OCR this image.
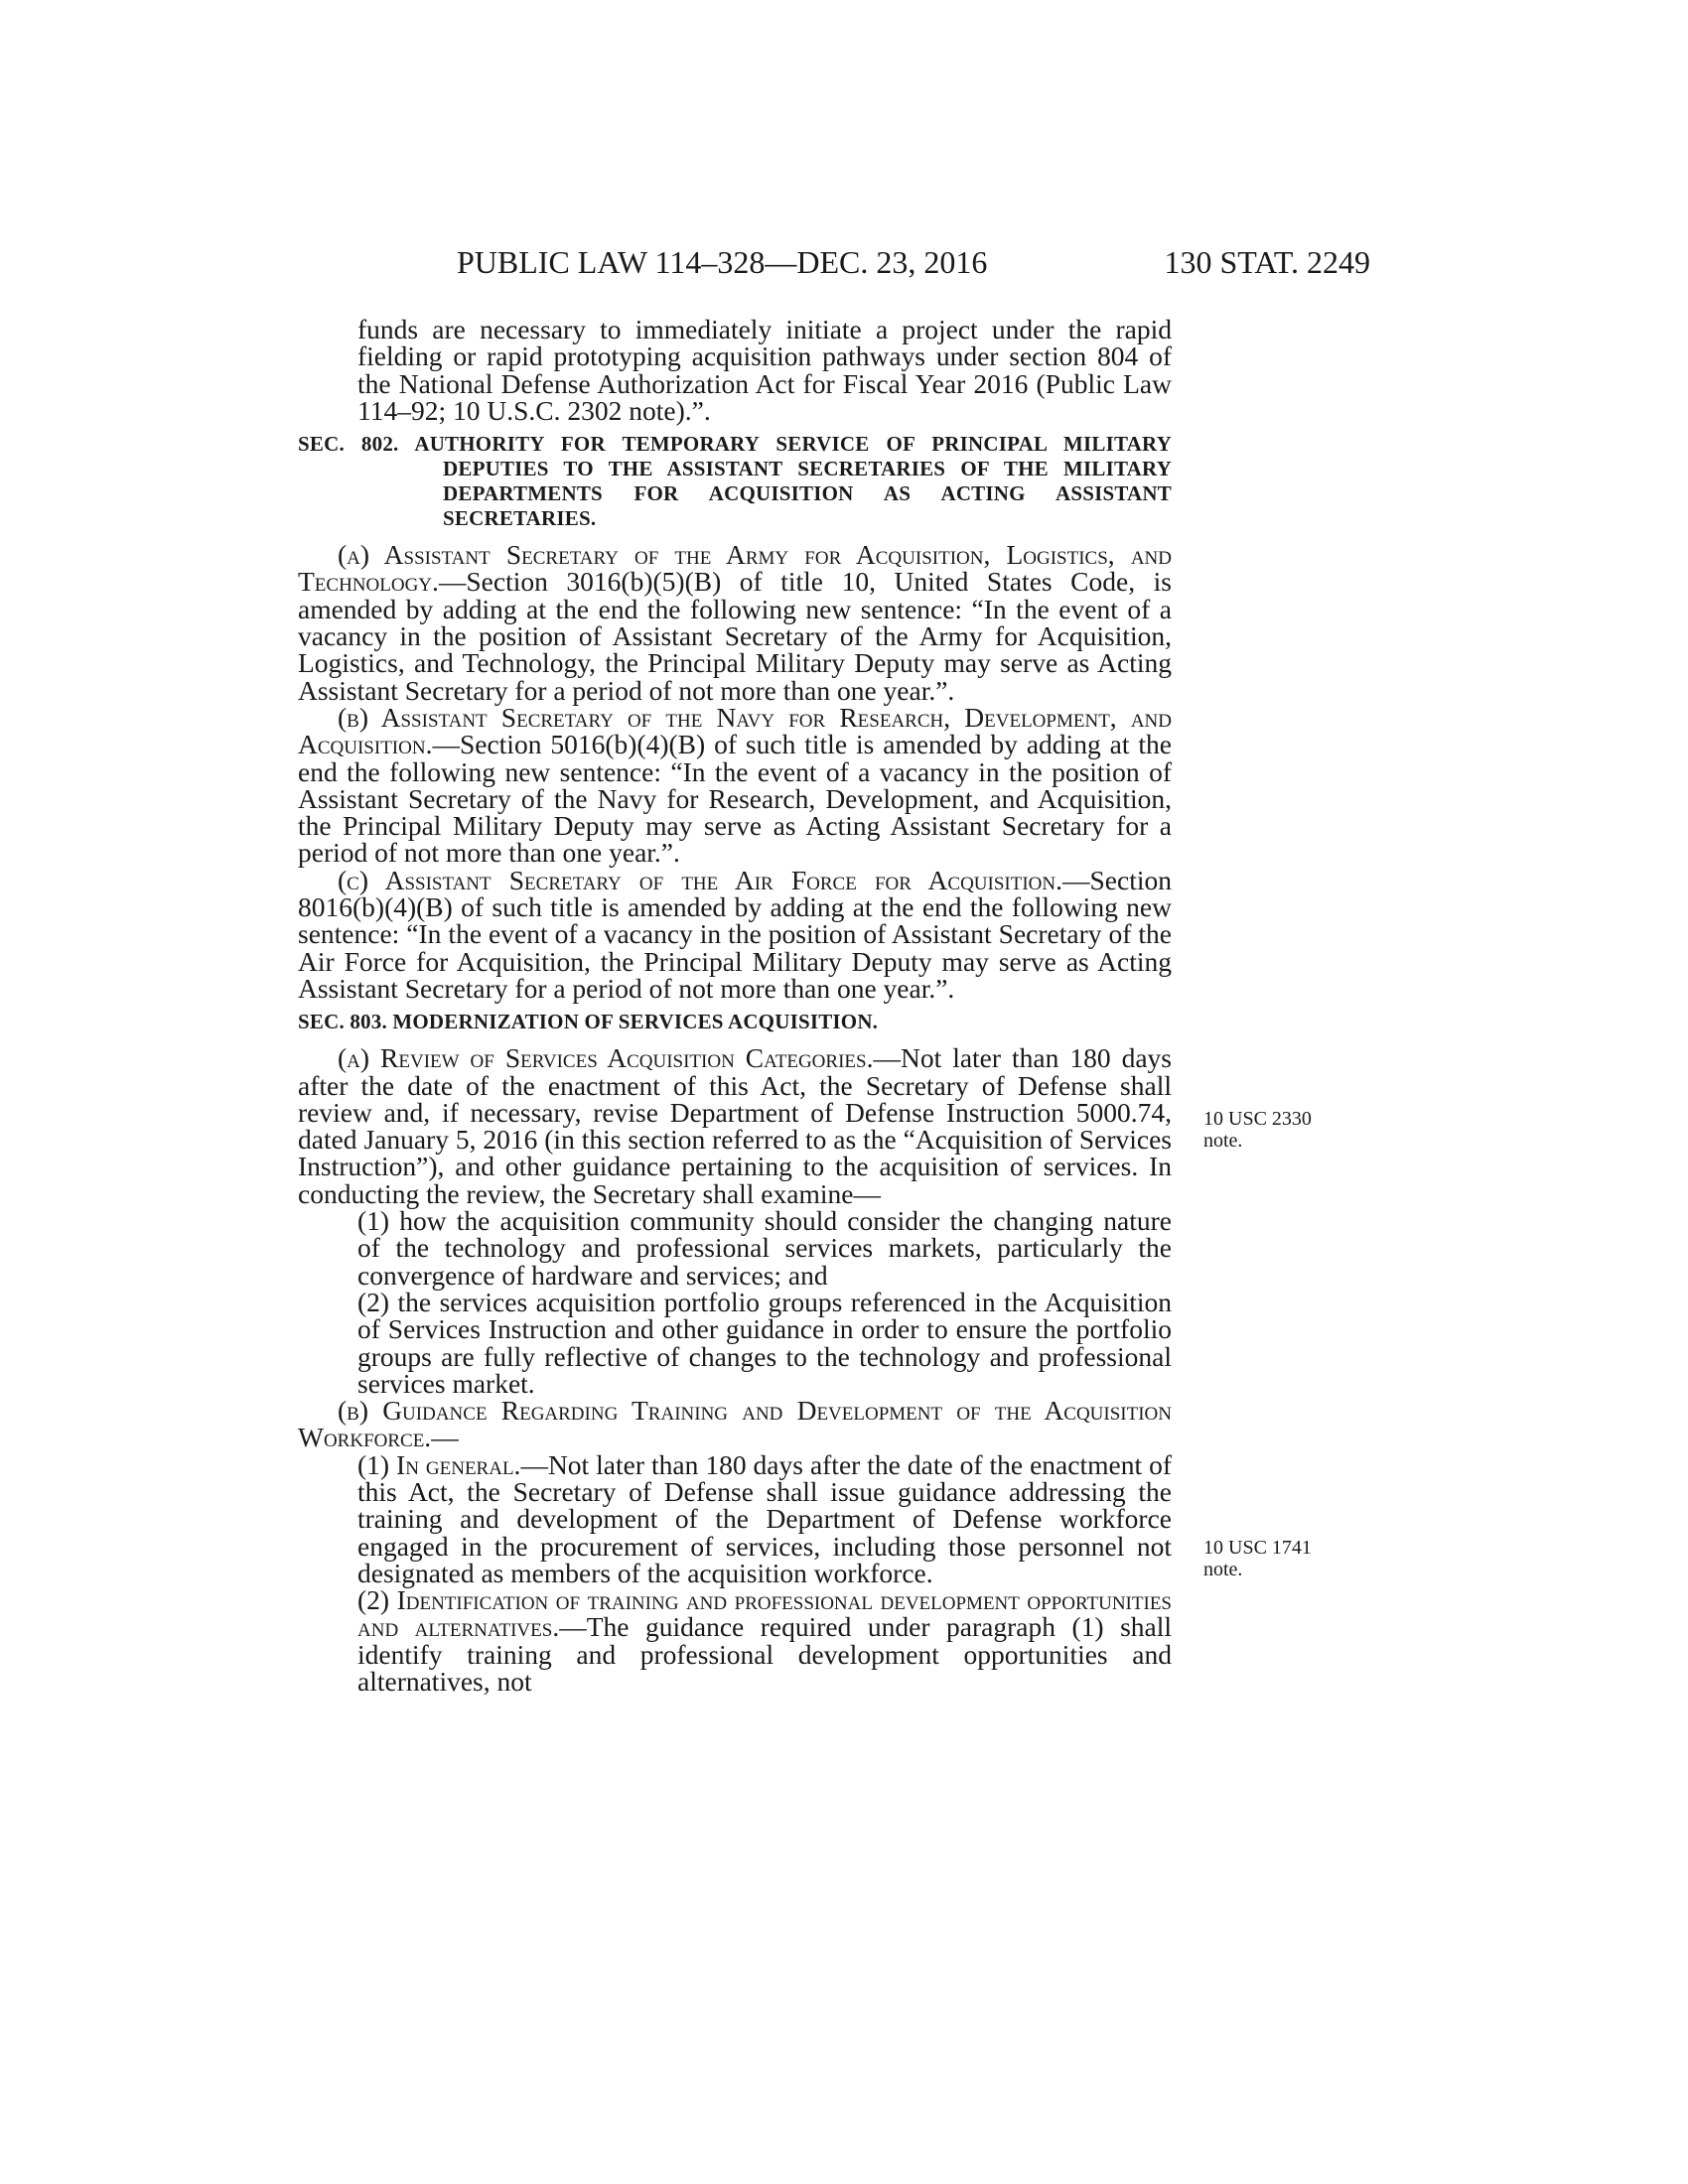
PUBLIC LAW 114–328—DEC. 23, 2016	130 STAT. 2249

funds are necessary to immediately initiate a project under the rapid fielding or rapid prototyping acquisition pathways under section 804 of the National Defense Authorization Act for Fiscal Year 2016 (Public Law 114–92; 10 U.S.C. 2302 note).”.

SEC. 802. AUTHORITY FOR TEMPORARY SERVICE OF PRINCIPAL MILITARY DEPUTIES TO THE ASSISTANT SECRETARIES OF THE MILITARY DEPARTMENTS FOR ACQUISITION AS ACTING ASSISTANT SECRETARIES.

(a) Assistant Secretary of the Army for Acquisition, Logistics, and Technology.—Section 3016(b)(5)(B) of title 10, United States Code, is amended by adding at the end the following new sentence: “In the event of a vacancy in the position of Assistant Secretary of the Army for Acquisition, Logistics, and Technology, the Principal Military Deputy may serve as Acting Assistant Secretary for a period of not more than one year.”.

(b) Assistant Secretary of the Navy for Research, Development, and Acquisition.—Section 5016(b)(4)(B) of such title is amended by adding at the end the following new sentence: “In the event of a vacancy in the position of Assistant Secretary of the Navy for Research, Development, and Acquisition, the Principal Military Deputy may serve as Acting Assistant Secretary for a period of not more than one year.”.

(c) Assistant Secretary of the Air Force for Acquisition.—Section 8016(b)(4)(B) of such title is amended by adding at the end the following new sentence: “In the event of a vacancy in the position of Assistant Secretary of the Air Force for Acquisition, the Principal Military Deputy may serve as Acting Assistant Secretary for a period of not more than one year.”.

SEC. 803. MODERNIZATION OF SERVICES ACQUISITION.

(a) Review of Services Acquisition Categories.—Not later than 180 days after the date of the enactment of this Act, the Secretary of Defense shall review and, if necessary, revise Department of Defense Instruction 5000.74, dated January 5, 2016 (in this section referred to as the “Acquisition of Services Instruction”), and other guidance pertaining to the acquisition of services. In conducting the review, the Secretary shall examine—

(1) how the acquisition community should consider the changing nature of the technology and professional services markets, particularly the convergence of hardware and services; and

(2) the services acquisition portfolio groups referenced in the Acquisition of Services Instruction and other guidance in order to ensure the portfolio groups are fully reflective of changes to the technology and professional services market.

(b) Guidance Regarding Training and Development of the Acquisition Workforce.—

(1) In general.—Not later than 180 days after the date of the enactment of this Act, the Secretary of Defense shall issue guidance addressing the training and development of the Department of Defense workforce engaged in the procurement of services, including those personnel not designated as members of the acquisition workforce.

(2) Identification of training and professional development opportunities and alternatives.—The guidance required under paragraph (1) shall identify training and professional development opportunities and alternatives, not

10 USC 2330
note.
10 USC 1741
note.
